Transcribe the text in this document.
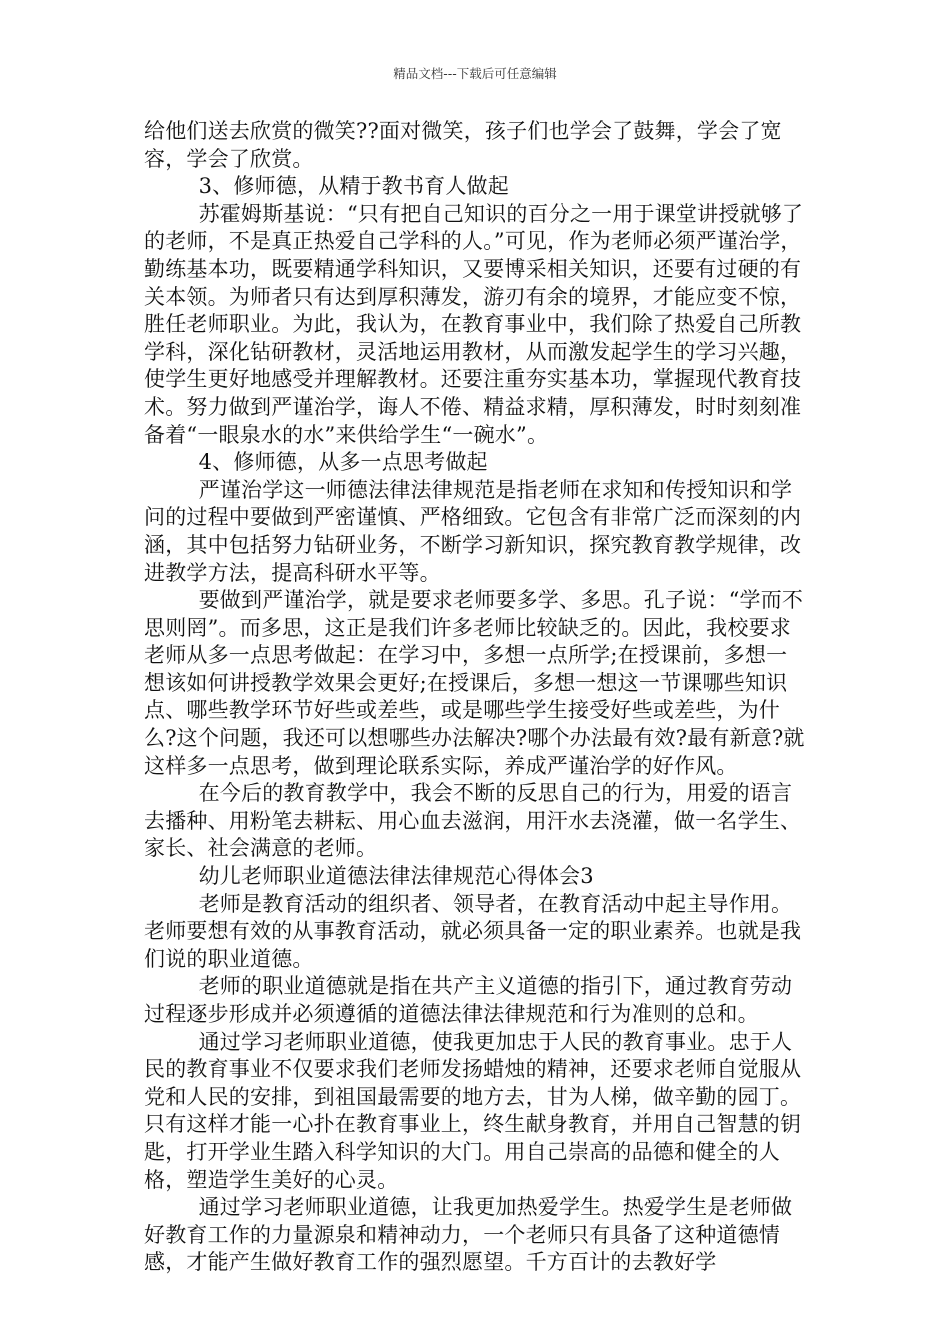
精品文档---下载后可任意编辑

给他们送去欣赏的微笑??面对微笑，孩子们也学会了鼓舞，学会了宽容，学会了欣赏。

3、修师德，从精于教书育人做起

苏霍姆斯基说：“只有把自己知识的百分之一用于课堂讲授就够了的老师，不是真正热爱自己学科的人。”可见，作为老师必须严谨治学，勤练基本功，既要精通学科知识，又要博采相关知识，还要有过硬的有关本领。为师者只有达到厚积薄发，游刃有余的境界，才能应变不惊，胜任老师职业。为此，我认为，在教育事业中，我们除了热爱自己所教学科，深化钻研教材，灵活地运用教材，从而激发起学生的学习兴趣，使学生更好地感受并理解教材。还要注重夯实基本功，掌握现代教育技术。努力做到严谨治学，诲人不倦、精益求精，厚积薄发，时时刻刻准备着“一眼泉水的水”来供给学生“一碗水”。

4、修师德，从多一点思考做起

严谨治学这一师德法律法律规范是指老师在求知和传授知识和学问的过程中要做到严密谨慎、严格细致。它包含有非常广泛而深刻的内涵，其中包括努力钻研业务，不断学习新知识，探究教育教学规律，改进教学方法，提高科研水平等。

要做到严谨治学，就是要求老师要多学、多思。孔子说：“学而不思则罔”。而多思，这正是我们许多老师比较缺乏的。因此，我校要求老师从多一点思考做起：在学习中，多想一点所学;在授课前，多想一想该如何讲授教学效果会更好;在授课后，多想一想这一节课哪些知识点、哪些教学环节好些或差些，或是哪些学生接受好些或差些，为什么?这个问题，我还可以想哪些办法解决?哪个办法最有效?最有新意?就这样多一点思考，做到理论联系实际，养成严谨治学的好作风。

在今后的教育教学中，我会不断的反思自己的行为，用爱的语言去播种、用粉笔去耕耘、用心血去滋润，用汗水去浇灌，做一名学生、家长、社会满意的老师。

幼儿老师职业道德法律法律规范心得体会3

老师是教育活动的组织者、领导者，在教育活动中起主导作用。老师要想有效的从事教育活动，就必须具备一定的职业素养。也就是我们说的职业道德。

老师的职业道德就是指在共产主义道德的指引下，通过教育劳动过程逐步形成并必须遵循的道德法律法律规范和行为准则的总和。

通过学习老师职业道德，使我更加忠于人民的教育事业。忠于人民的教育事业不仅要求我们老师发扬蜡烛的精神，还要求老师自觉服从党和人民的安排，到祖国最需要的地方去，甘为人梯，做辛勤的园丁。只有这样才能一心扑在教育事业上，终生献身教育，并用自己智慧的钥匙，打开学业生踏入科学知识的大门。用自己崇高的品德和健全的人格，塑造学生美好的心灵。

通过学习老师职业道德，让我更加热爱学生。热爱学生是老师做好教育工作的力量源泉和精神动力，一个老师只有具备了这种道德情感，才能产生做好教育工作的强烈愿望。千方百计的去教好学
